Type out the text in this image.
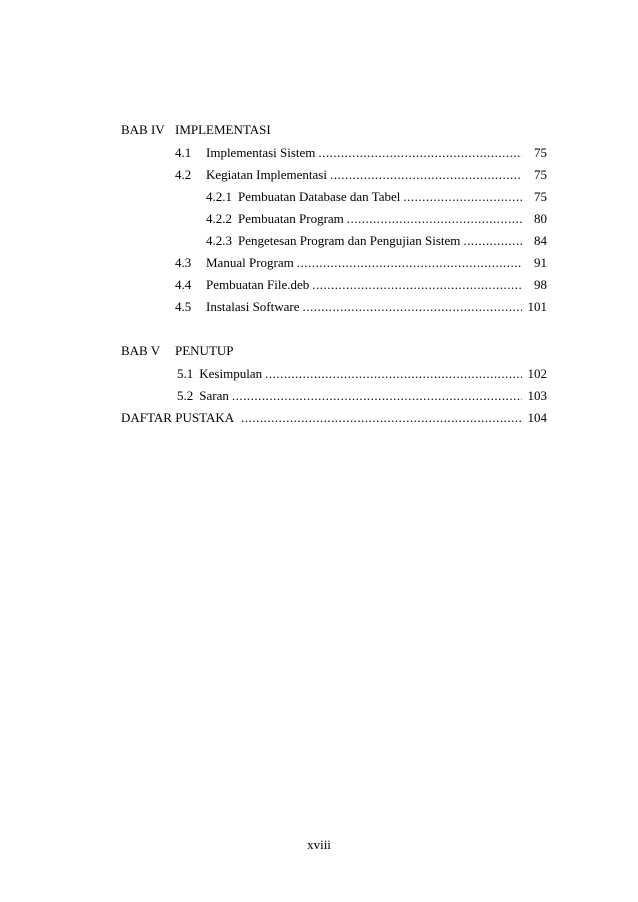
BAB IV IMPLEMENTASI
4.1 Implementasi Sistem .....	75
4.2 Kegiatan Implementasi .....	75
4.2.1 Pembuatan Database dan Tabel .....	75
4.2.2 Pembuatan Program .....	80
4.2.3 Pengetesan Program dan Pengujian Sistem .....	84
4.3 Manual Program .....	91
4.4 Pembuatan File.deb .....	98
4.5 Instalasi Software .....	101
BAB V PENUTUP
5.1 Kesimpulan .....	102
5.2 Saran .....	103
DAFTAR PUSTAKA .....	104
xviii
